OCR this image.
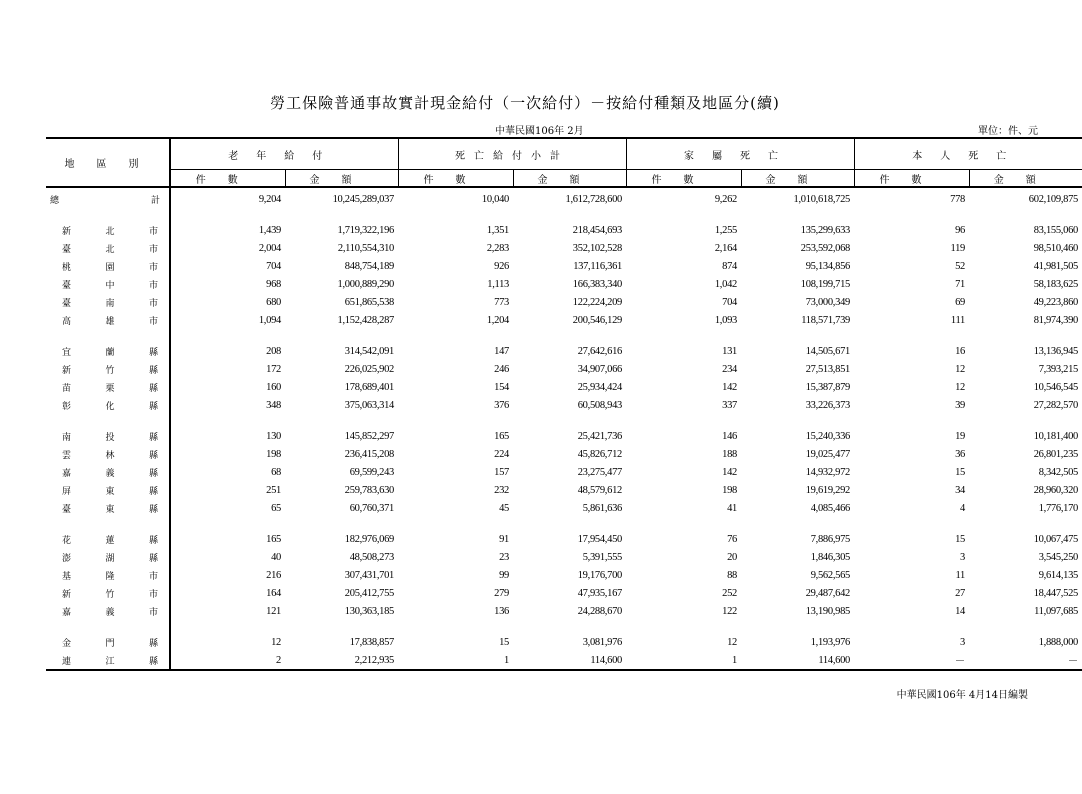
勞工保險普通事故實計現金給付（一次給付）－按給付種類及地區分(續)
中華民國106年 2月	單位：件、元
地區別	老年給付		死亡給付小計		家屬死亡		本人死亡	
	件數	金額	件數	金額	件數	金額	件數	金額

總 計	9,204	10,245,289,037	10,040	1,612,728,600	9,262	1,010,618,725	778	602,109,875

新 北 市	1,439	1,719,322,196	1,351	218,454,693	1,255	135,299,633	96	83,155,060

臺 北 市	2,004	2,110,554,310	2,283	352,102,528	2,164	253,592,068	119	98,510,460

桃 園 市	704	848,754,189	926	137,116,361	874	95,134,856	52	41,981,505

臺 中 市	968	1,000,889,290	1,113	166,383,340	1,042	108,199,715	71	58,183,625

臺 南 市	680	651,865,538	773	122,224,209	704	73,000,349	69	49,223,860

高 雄 市	1,094	1,152,428,287	1,204	200,546,129	1,093	118,571,739	111	81,974,390

宜 蘭 縣	208	314,542,091	147	27,642,616	131	14,505,671	16	13,136,945

新 竹 縣	172	226,025,902	246	34,907,066	234	27,513,851	12	7,393,215

苗 栗 縣	160	178,689,401	154	25,934,424	142	15,387,879	12	10,546,545

彰 化 縣	348	375,063,314	376	60,508,943	337	33,226,373	39	27,282,570

南 投 縣	130	145,852,297	165	25,421,736	146	15,240,336	19	10,181,400

雲 林 縣	198	236,415,208	224	45,826,712	188	19,025,477	36	26,801,235

嘉 義 縣	68	69,599,243	157	23,275,477	142	14,932,972	15	8,342,505

屏 東 縣	251	259,783,630	232	48,579,612	198	19,619,292	34	28,960,320

臺 東 縣	65	60,760,371	45	5,861,636	41	4,085,466	4	1,776,170

花 蓮 縣	165	182,976,069	91	17,954,450	76	7,886,975	15	10,067,475

澎 湖 縣	40	48,508,273	23	5,391,555	20	1,846,305	3	3,545,250

基 隆 市	216	307,431,701	99	19,176,700	88	9,562,565	11	9,614,135

新 竹 市	164	205,412,755	279	47,935,167	252	29,487,642	27	18,447,525

嘉 義 市	121	130,363,185	136	24,288,670	122	13,190,985	14	11,097,685

金 門 縣	12	17,838,857	15	3,081,976	12	1,193,976	3	1,888,000

連 江 縣	2	2,212,935	1	114,600	1	114,600	－	－
中華民國106年 4月14日編製
